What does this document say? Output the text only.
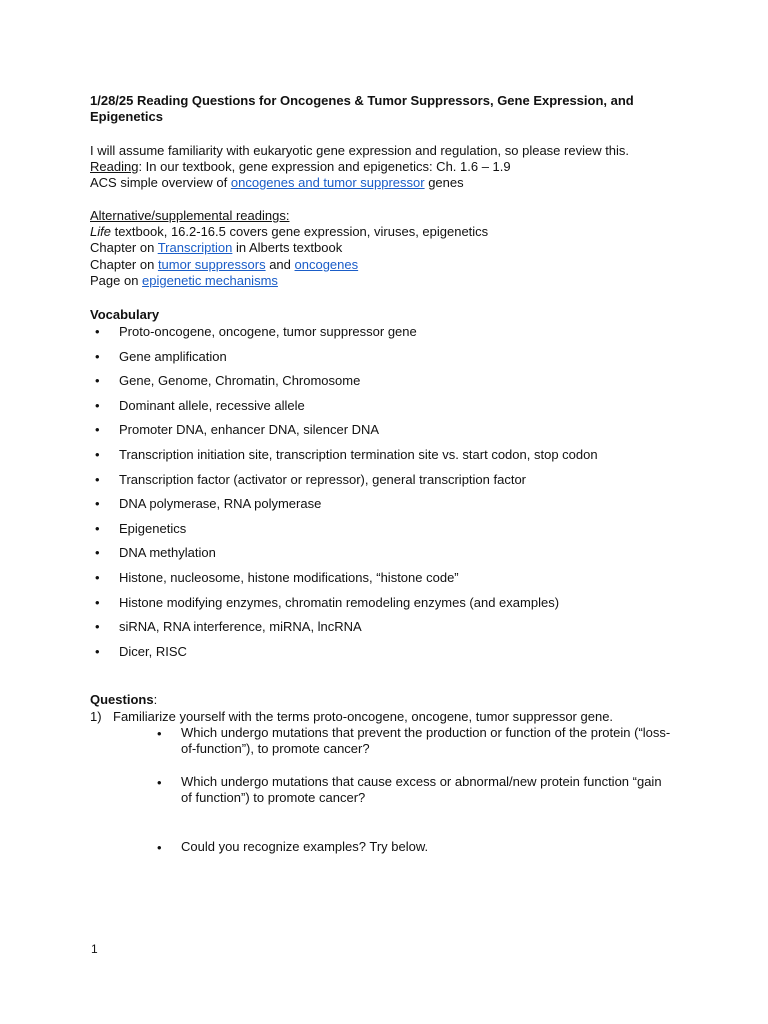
1/28/25 Reading Questions for Oncogenes & Tumor Suppressors, Gene Expression, and Epigenetics
I will assume familiarity with eukaryotic gene expression and regulation, so please review this.
Reading: In our textbook, gene expression and epigenetics: Ch. 1.6 – 1.9
ACS simple overview of oncogenes and tumor suppressor genes
Alternative/supplemental readings:
Life textbook, 16.2-16.5 covers gene expression, viruses, epigenetics
Chapter on Transcription in Alberts textbook
Chapter on tumor suppressors and oncogenes
Page on epigenetic mechanisms
Vocabulary
• Proto-oncogene, oncogene, tumor suppressor gene
• Gene amplification
• Gene, Genome, Chromatin, Chromosome
• Dominant allele, recessive allele
• Promoter DNA, enhancer DNA, silencer DNA
• Transcription initiation site, transcription termination site vs. start codon, stop codon
• Transcription factor (activator or repressor), general transcription factor
• DNA polymerase, RNA polymerase
• Epigenetics
• DNA methylation
• Histone, nucleosome, histone modifications, “histone code”
• Histone modifying enzymes, chromatin remodeling enzymes (and examples)
• siRNA, RNA interference, miRNA, lncRNA
• Dicer, RISC
Questions:
1) Familiarize yourself with the terms proto-oncogene, oncogene, tumor suppressor gene.
• Which undergo mutations that prevent the production or function of the protein (“loss-of-function”), to promote cancer?
• Which undergo mutations that cause excess or abnormal/new protein function “gain of function”) to promote cancer?
• Could you recognize examples? Try below.
1
